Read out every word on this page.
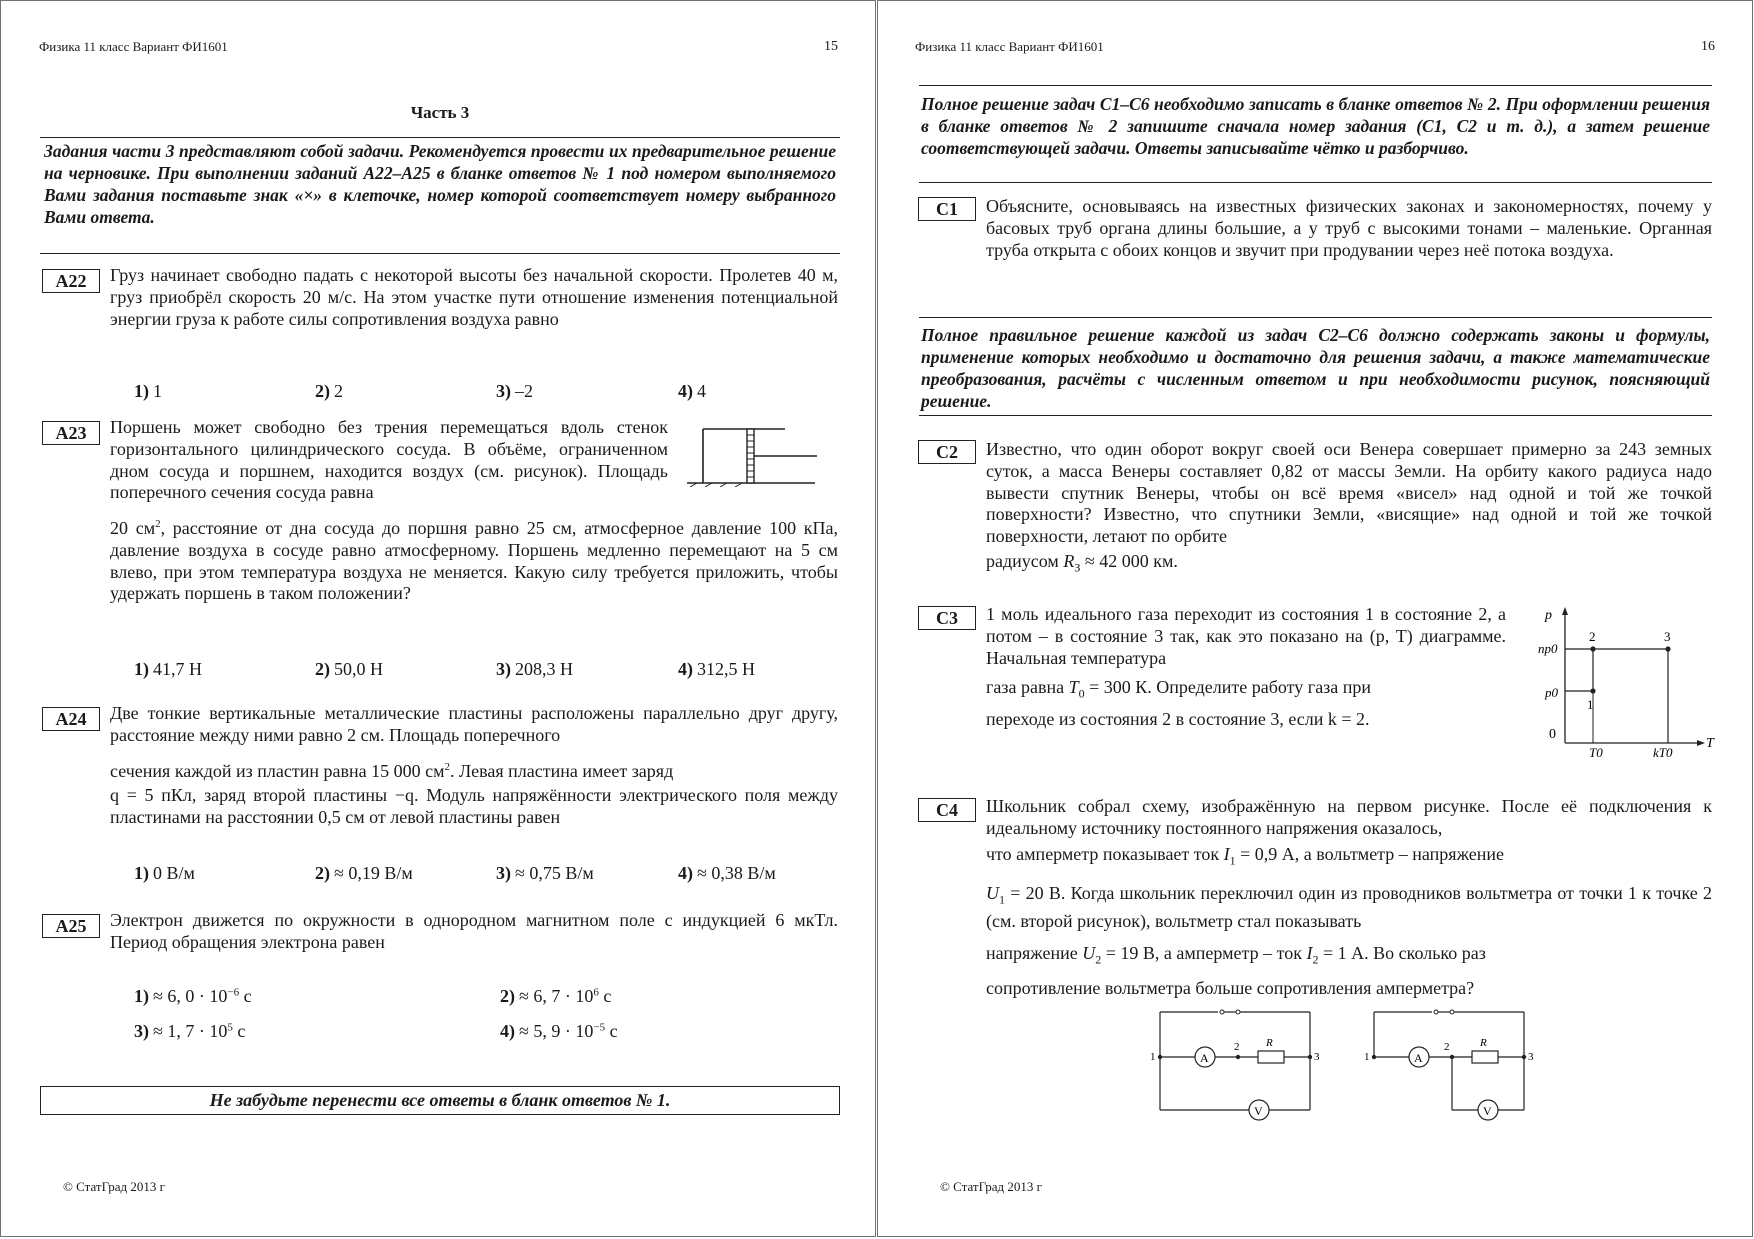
Физика 11 класс Вариант ФИ1601	15
Часть 3
Задания части 3 представляют собой задачи. Рекомендуется провести их предварительное решение на черновике. При выполнении заданий А22–А25 в бланке ответов № 1 под номером выполняемого Вами задания поставьте знак «×» в клеточке, номер которой соответствует номеру выбранного Вами ответа.
A22	Груз начинает свободно падать с некоторой высоты без начальной скорости. Пролетев 40 м, груз приобрёл скорость 20 м/с. На этом участке пути отношение изменения потенциальной энергии груза к работе силы сопротивления воздуха равно
1) 1	2) 2	3) –2	4) 4
A23	Поршень может свободно без трения перемещаться вдоль стенок горизонтального цилиндрического сосуда. В объёме, ограниченном дном сосуда и поршнем, находится воздух (см. рисунок). Площадь поперечного сечения сосуда равна
20 $см^2$, расстояние от дна сосуда до поршня равно 25 см, атмосферное давление 100 кПа, давление воздуха в сосуде равно атмосферному. Поршень медленно перемещают на 5 см влево, при этом температура воздуха не меняется. Какую силу требуется приложить, чтобы удержать поршень в таком положении?
1) 41,7 Н	2) 50,0 Н	3) 208,3 Н	4) 312,5 Н
A24	Две тонкие вертикальные металлические пластины расположены параллельно друг другу, расстояние между ними равно 2 см. Площадь поперечного
сечения каждой из пластин равна 15 000 $см^2$. Левая пластина имеет заряд
q = 5 пКл, заряд второй пластины −q. Модуль напряжённости электрического поля между пластинами на расстоянии 0,5 см от левой пластины равен
1) 0 В/м	2) ≈ 0,19 В/м	3) ≈ 0,75 В/м	4) ≈ 0,38 В/м
A25	Электрон движется по окружности в однородном магнитном поле с индукцией 6 мкТл. Период обращения электрона равен
1) ≈ 6, $0 \cdot 10^{-6}$ с	2) ≈ 6, $7 \cdot 10^6$ с
3) ≈ 1, $7 \cdot 10^5$ с	4) ≈ 5, $9 \cdot 10^{-5}$ с
Не забудьте перенести все ответы в бланк ответов № 1.
© СтатГрад 2013 г
Физика 11 класс Вариант ФИ1601	16
Полное решение задач С1–С6 необходимо записать в бланке ответов № 2. При оформлении решения в бланке ответов № 2 запишите сначала номер задания (С1, С2 и т. д.), а затем решение соответствующей задачи. Ответы записывайте чётко и разборчиво.
C1	Объясните, основываясь на известных физических законах и закономерностях, почему у басовых труб органа длины большие, а у труб с высокими тонами – маленькие. Органная труба открыта с обоих концов и звучит при продувании через неё потока воздуха.
Полное правильное решение каждой из задач С2–С6 должно содержать законы и формулы, применение которых необходимо и достаточно для решения задачи, а также математические преобразования, расчёты с численным ответом и при необходимости рисунок, поясняющий решение.
C2	Известно, что один оборот вокруг своей оси Венера совершает примерно за 243 земных суток, а масса Венеры составляет 0,82 от массы Земли. На орбиту какого радиуса надо вывести спутник Венеры, чтобы он всё время «висел» над одной и той же точкой поверхности? Известно, что спутники Земли, «висящие» над одной и той же точкой поверхности, летают по орбите
радиусом $R_З \approx 42$ 000 км.
C3	1 моль идеального газа переходит из состояния 1 в состояние 2, а потом – в состояние 3 так, как это показано на (p, T) диаграмме. Начальная температура
газа равна $T_0 = 300$ К. Определите работу газа при
переходе из состояния 2 в состояние 3, если k = 2.
p
T
0
np0
p0
T0	kT0
1
2	3
C4	Школьник собрал схему, изображённую на первом рисунке. После её подключения к идеальному источнику постоянного напряжения оказалось,
что амперметр показывает ток $I_1 = 0,9$ А, а вольтметр – напряжение
$U_1 = 20$ В. Когда школьник переключил один из проводников вольтметра от точки 1 к точке 2 (см. второй рисунок), вольтметр стал показывать
напряжение $U_2 = 19$ В, а амперметр – ток $I_2 = 1$ А. Во сколько раз
сопротивление вольтметра больше сопротивления амперметра?
A
R
1
2
3
V
A
R
1
2
3
V
© СтатГрад 2013 г
